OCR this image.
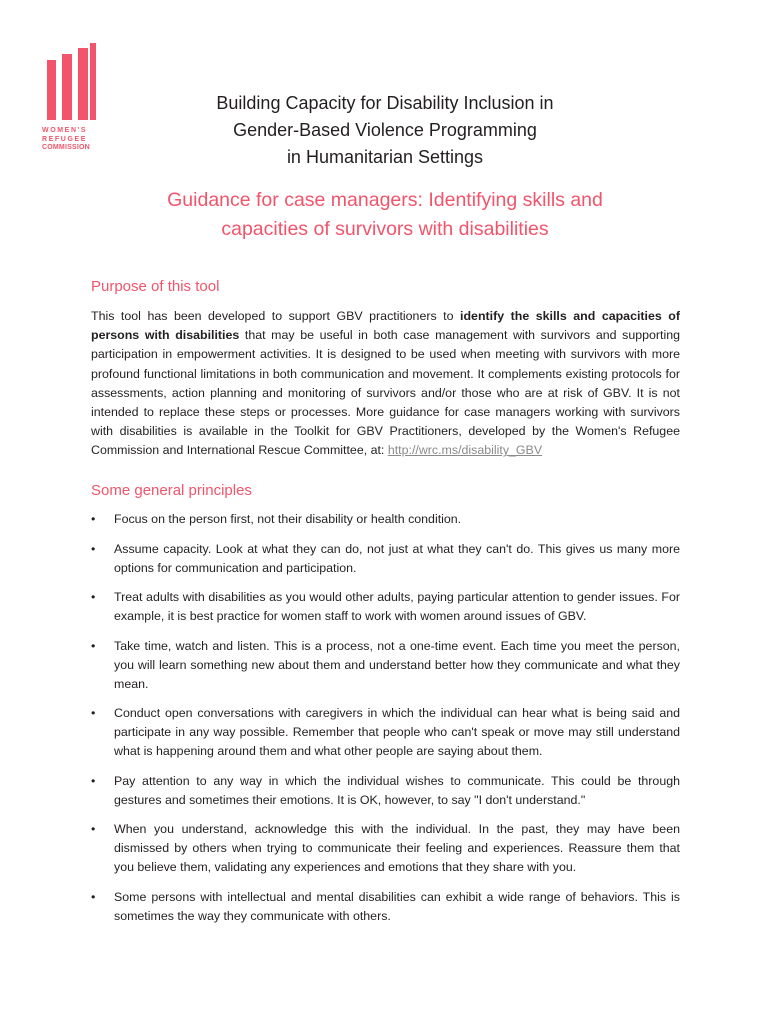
WOMEN'S
REFUGEE
COMMISSION
Building Capacity for Disability Inclusion in
Gender-Based Violence Programming
in Humanitarian Settings
Guidance for case managers: Identifying skills and
capacities of survivors with disabilities
Purpose of this tool
This tool has been developed to support GBV practitioners to identify the skills and capacities of persons with disabilities that may be useful in both case management with survivors and supporting participation in empowerment activities. It is designed to be used when meeting with survivors with more profound functional limitations in both communication and movement. It complements existing protocols for assessments, action planning and monitoring of survivors and/or those who are at risk of GBV. It is not intended to replace these steps or processes. More guidance for case managers working with survivors with disabilities is available in the Toolkit for GBV Practitioners, developed by the Women's Refugee Commission and International Rescue Committee, at: http://wrc.ms/disability_GBV
Some general principles
• Focus on the person first, not their disability or health condition.
• Assume capacity. Look at what they can do, not just at what they can't do. This gives us many more options for communication and participation.
• Treat adults with disabilities as you would other adults, paying particular attention to gender issues. For example, it is best practice for women staff to work with women around issues of GBV.
• Take time, watch and listen. This is a process, not a one-time event. Each time you meet the person, you will learn something new about them and understand better how they communicate and what they mean.
• Conduct open conversations with caregivers in which the individual can hear what is being said and participate in any way possible. Remember that people who can't speak or move may still understand what is happening around them and what other people are saying about them.
• Pay attention to any way in which the individual wishes to communicate. This could be through gestures and sometimes their emotions. It is OK, however, to say "I don't understand."
• When you understand, acknowledge this with the individual. In the past, they may have been dismissed by others when trying to communicate their feeling and experiences. Reassure them that you believe them, validating any experiences and emotions that they share with you.
• Some persons with intellectual and mental disabilities can exhibit a wide range of behaviors. This is sometimes the way they communicate with others.
